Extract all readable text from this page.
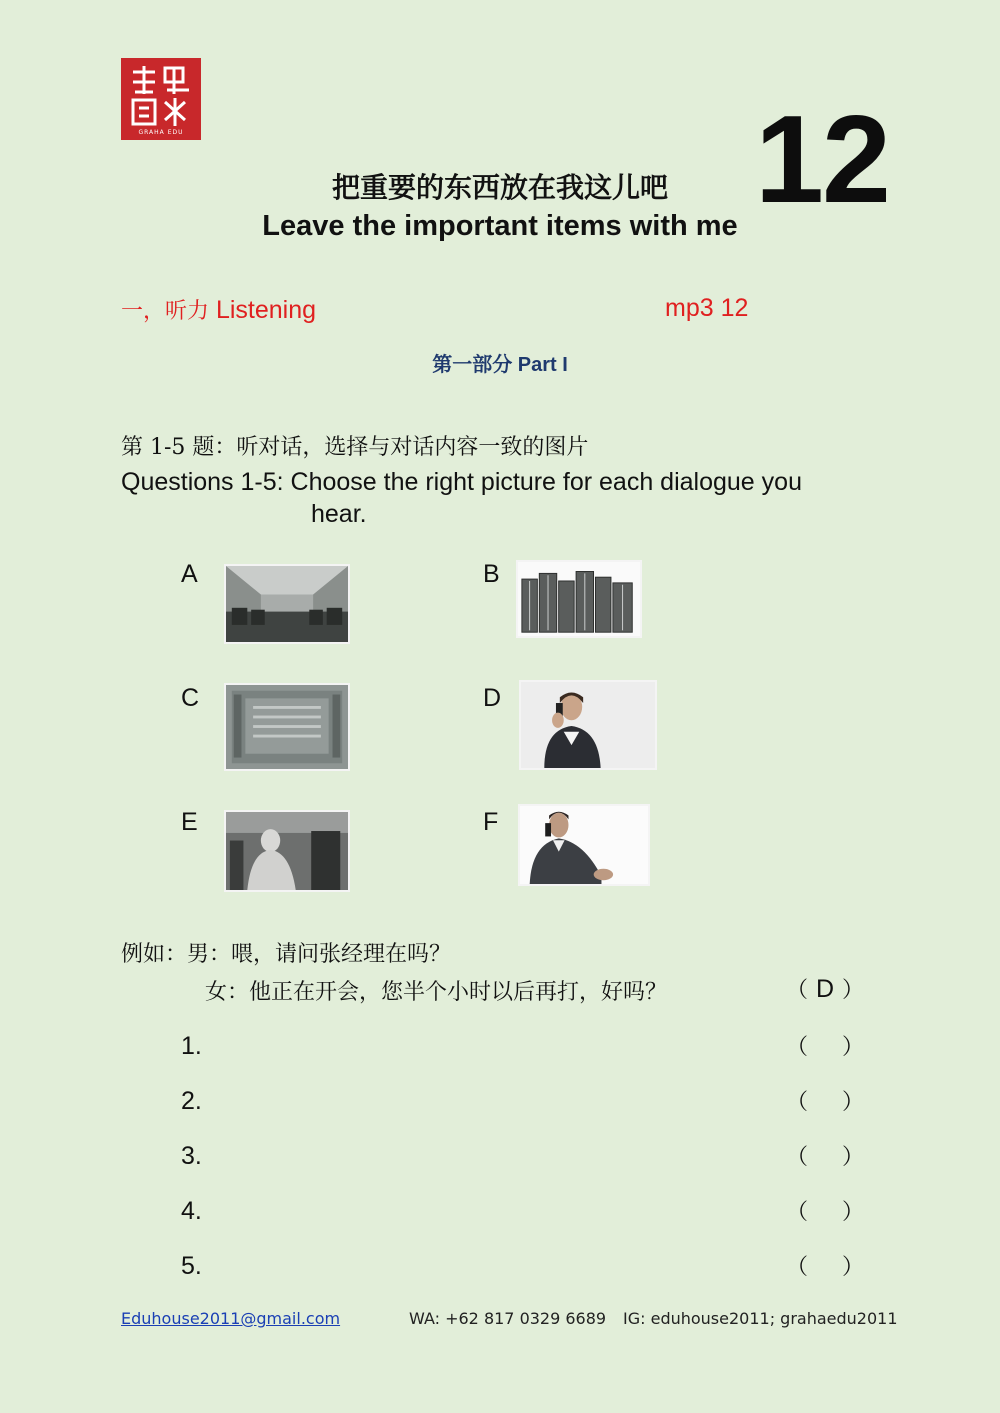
GRAHA EDU	12
把重要的东西放在我这儿吧
Leave the important items with me
一，听力 Listening	mp3 12
第一部分 Part I
第 1-5 题：听对话，选择与对话内容一致的图片
Questions 1-5: Choose the right picture for each dialogue you
hear.
A	B
C	D
E	F
例如：男：喂，请问张经理在吗？
女：他正在开会，您半个小时以后再打，好吗？	（ D ）
1.	（ ）
2.	（ ）
3.	（ ）
4.	（ ）
5.	（ ）
Eduhouse2011@gmail.com	WA: +62 817 0329 6689 IG: eduhouse2011; grahaedu2011
